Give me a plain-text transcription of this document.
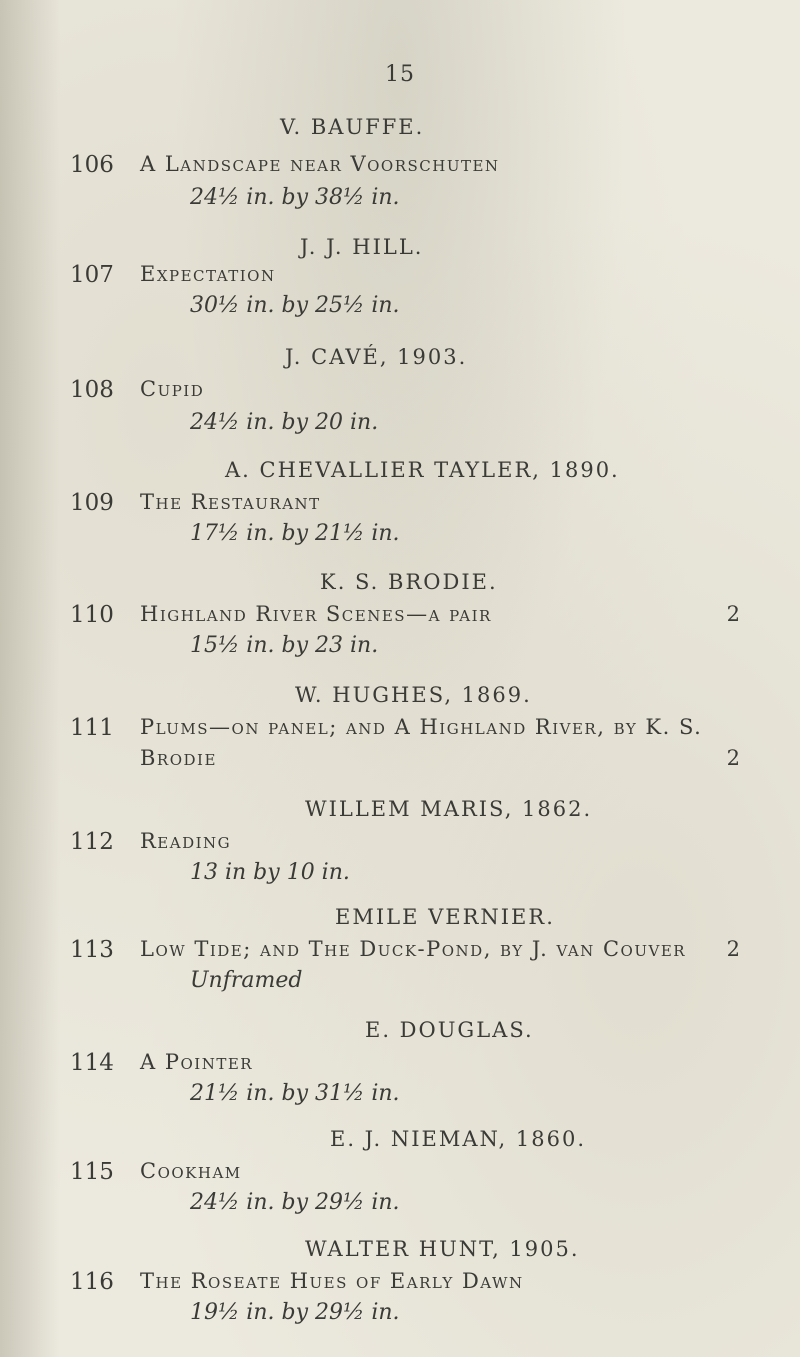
15
V. BAUFFE.
106 A Landscape near Voorschuten
24½ in. by 38½ in.
J. J. HILL.
107 Expectation
30½ in. by 25½ in.
J. CAVÉ, 1903.
108 Cupid
24½ in. by 20 in.
A. CHEVALLIER TAYLER, 1890.
109 The Restaurant
17½ in. by 21½ in.
K. S. BRODIE.
110 Highland River Scenes—a pair	2
15½ in. by 23 in.
W. HUGHES, 1869.
111 Plums—on panel; and A Highland River, by K. S.
2
Brodie
WILLEM MARIS, 1862.
112 Reading
13 in by 10 in.
EMILE VERNIER.
113 Low Tide; and The Duck-Pond, by J. van Couver 2
Unframed
E. DOUGLAS.
114 A Pointer
21½ in. by 31½ in.
E. J. NIEMAN, 1860.
115 Cookham
24½ in. by 29½ in.
WALTER HUNT, 1905.
116 The Roseate Hues of Early Dawn
19½ in. by 29½ in.
